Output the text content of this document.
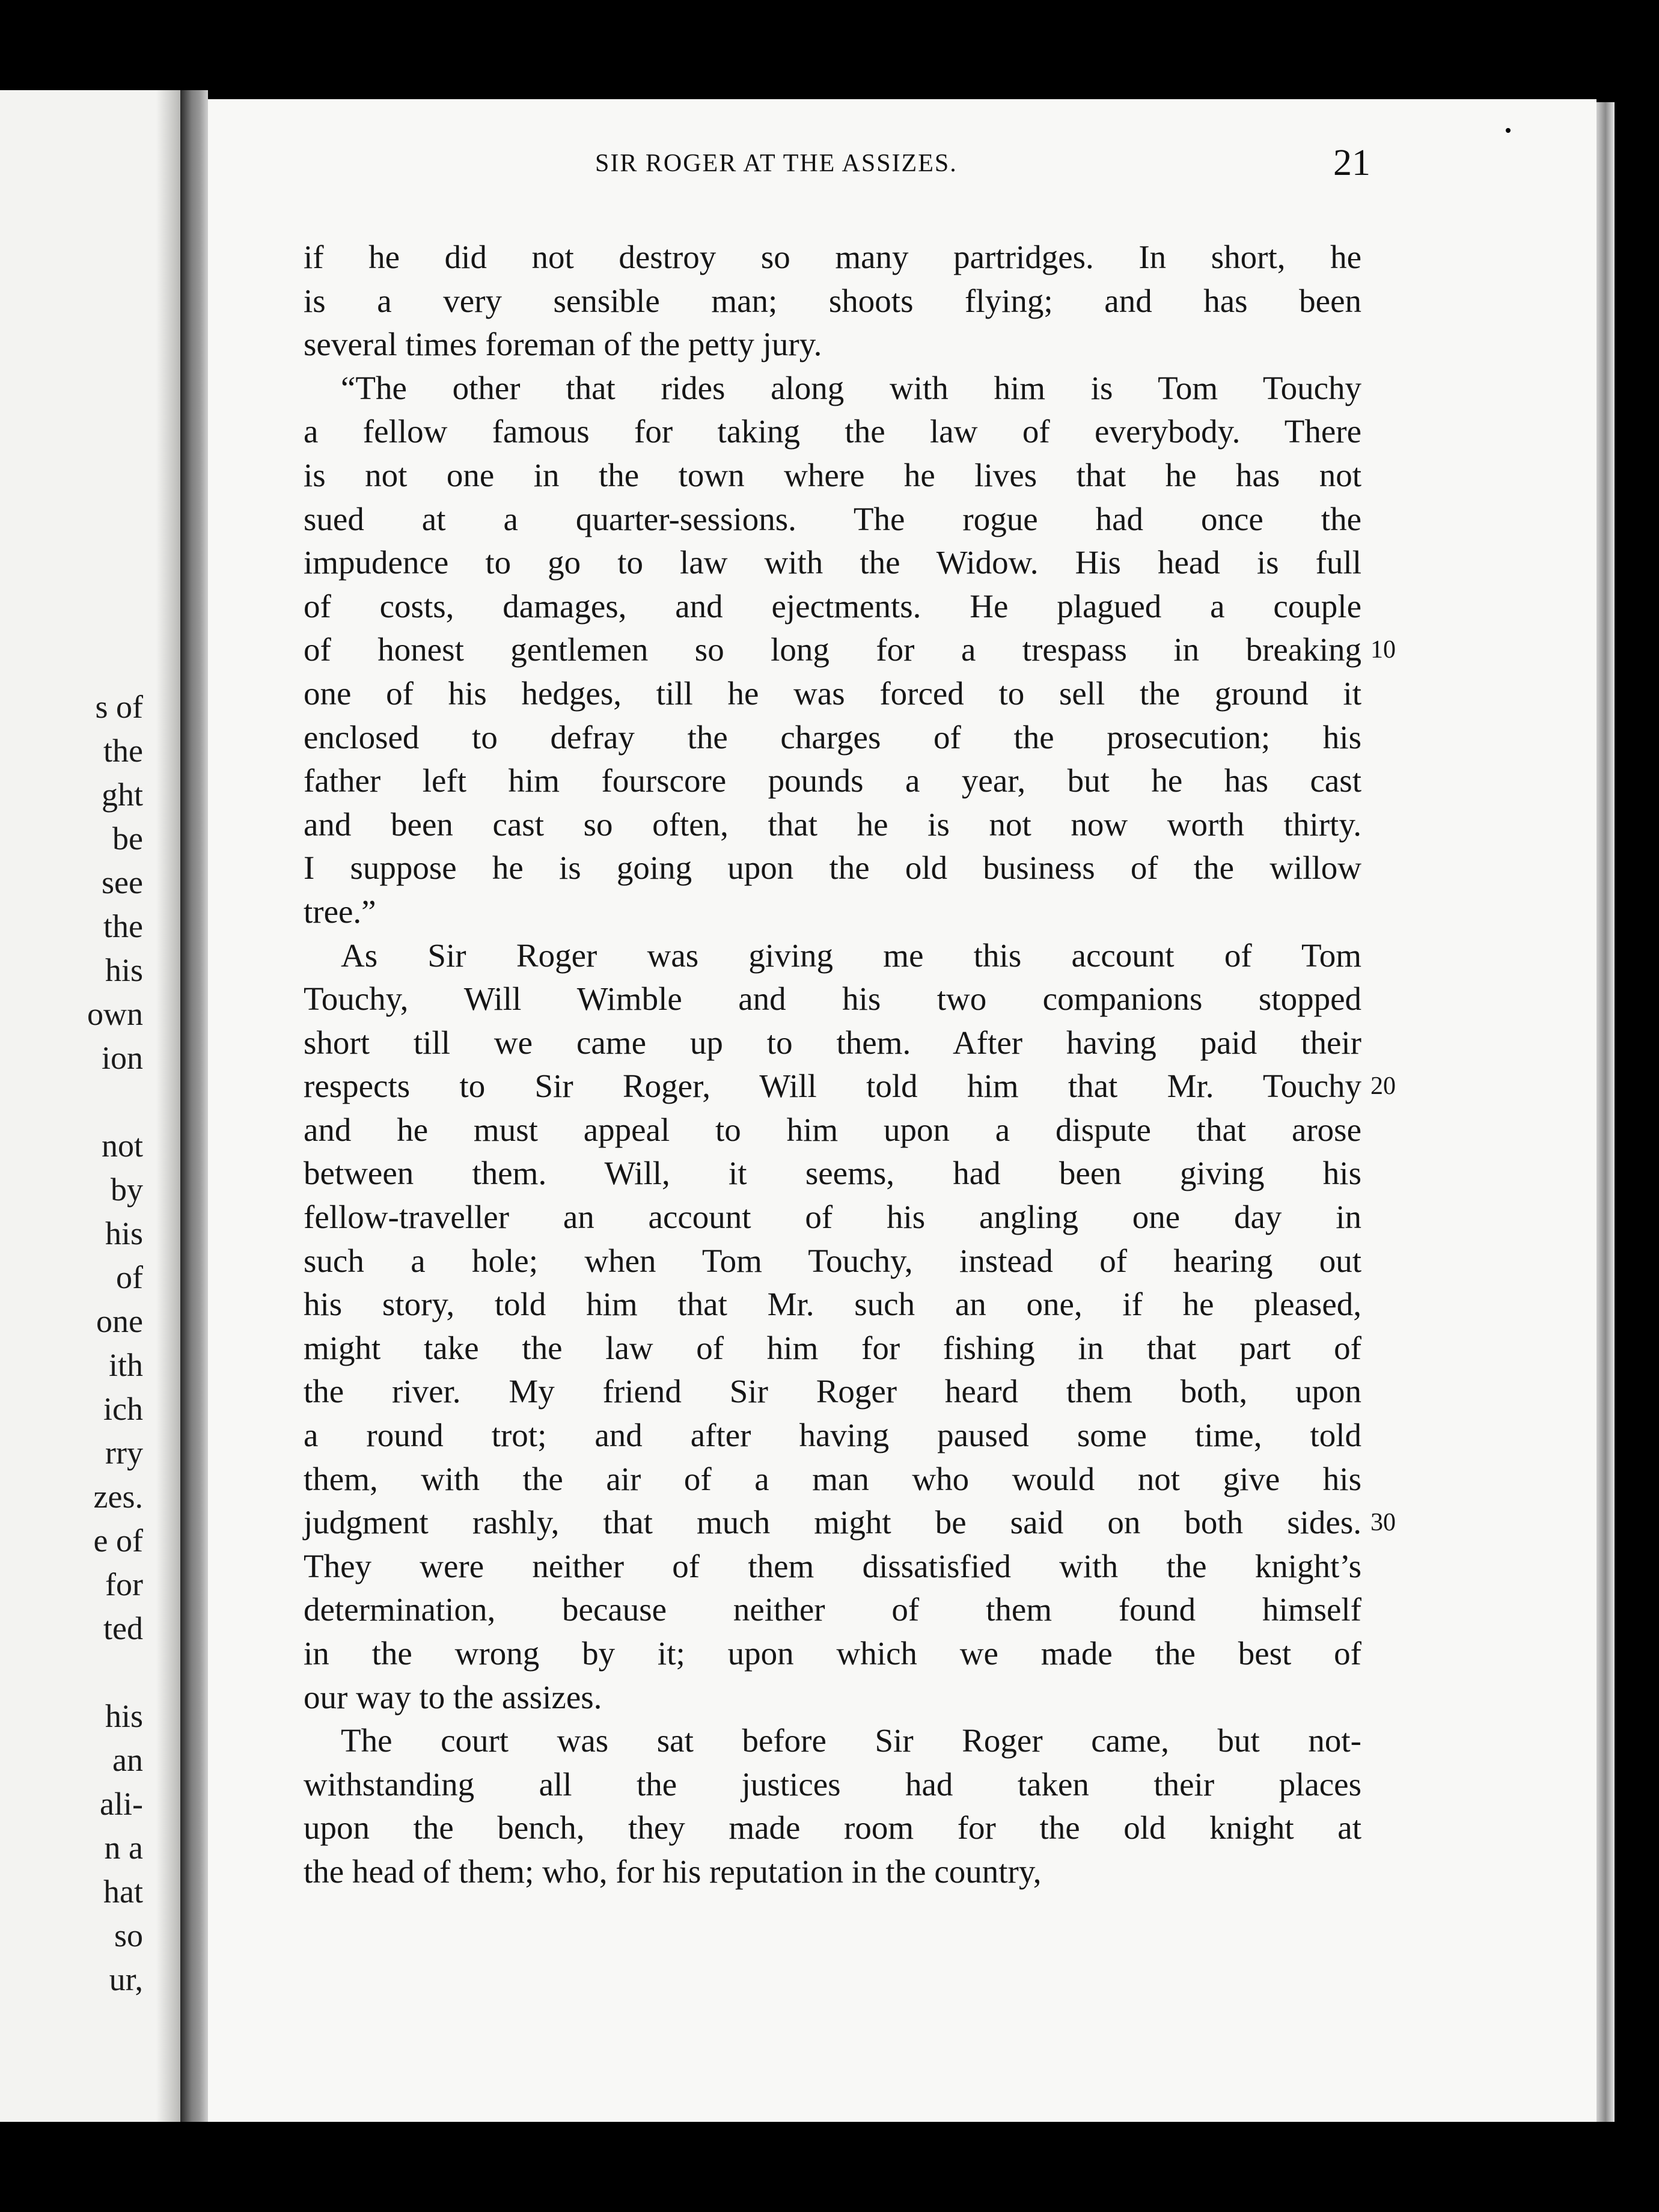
s of
the
ght
be
see
the
his
own
ion
not
by
his
of
one
ith
ich
rry
zes.
e of
for
ted
his
an
ali-
n a
hat
so
ur,
SIR ROGER AT THE ASSIZES.	21
if he did not destroy so many partridges. In short, he
is a very sensible man; shoots flying; and has been
several times foreman of the petty jury.
“The other that rides along with him is Tom Touchy
a fellow famous for taking the law of everybody. There
is not one in the town where he lives that he has not
sued at a quarter-sessions. The rogue had once the
impudence to go to law with the Widow. His head is full
of costs, damages, and ejectments. He plagued a couple
of honest gentlemen so long for a trespass in breaking 10
one of his hedges, till he was forced to sell the ground it
enclosed to defray the charges of the prosecution; his
father left him fourscore pounds a year, but he has cast
and been cast so often, that he is not now worth thirty.
I suppose he is going upon the old business of the willow
tree.”
As Sir Roger was giving me this account of Tom
Touchy, Will Wimble and his two companions stopped
short till we came up to them. After having paid their
respects to Sir Roger, Will told him that Mr. Touchy 20
and he must appeal to him upon a dispute that arose
between them. Will, it seems, had been giving his
fellow-traveller an account of his angling one day in
such a hole; when Tom Touchy, instead of hearing out
his story, told him that Mr. such an one, if he pleased,
might take the law of him for fishing in that part of
the river. My friend Sir Roger heard them both, upon
a round trot; and after having paused some time, told
them, with the air of a man who would not give his
judgment rashly, that much might be said on both sides. 30
They were neither of them dissatisfied with the knight’s
determination, because neither of them found himself
in the wrong by it; upon which we made the best of
our way to the assizes.
The court was sat before Sir Roger came, but not-
withstanding all the justices had taken their places
upon the bench, they made room for the old knight at
the head of them; who, for his reputation in the country,
